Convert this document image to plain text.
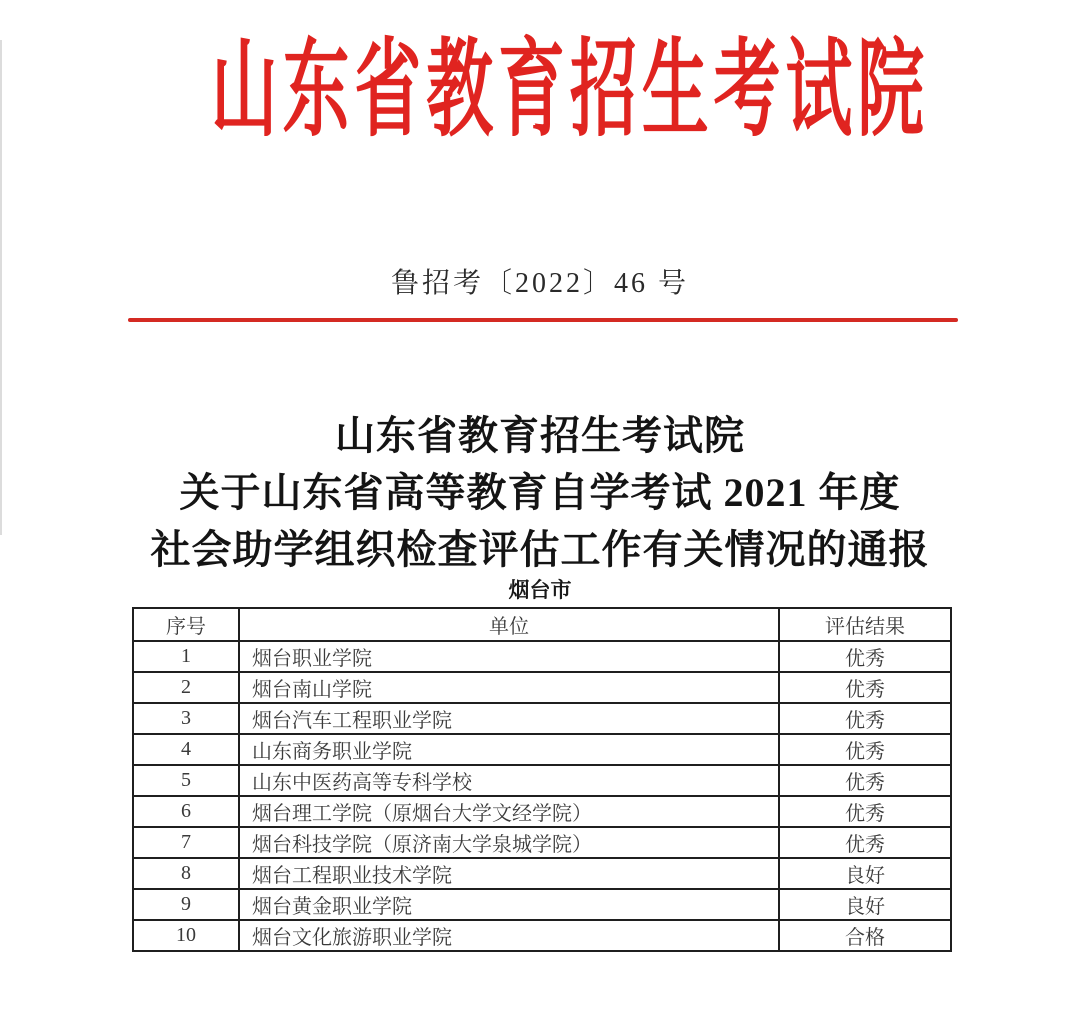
山东省教育招生考试院
鲁招考〔2022〕46 号
山东省教育招生考试院
关于山东省高等教育自学考试 2021 年度
社会助学组织检查评估工作有关情况的通报
烟台市
序号	单位	评估结果
1	烟台职业学院	优秀
2	烟台南山学院	优秀
3	烟台汽车工程职业学院	优秀
4	山东商务职业学院	优秀
5	山东中医药高等专科学校	优秀
6	烟台理工学院（原烟台大学文经学院）	优秀
7	烟台科技学院（原济南大学泉城学院）	优秀
8	烟台工程职业技术学院	良好
9	烟台黄金职业学院	良好
10	烟台文化旅游职业学院	合格
